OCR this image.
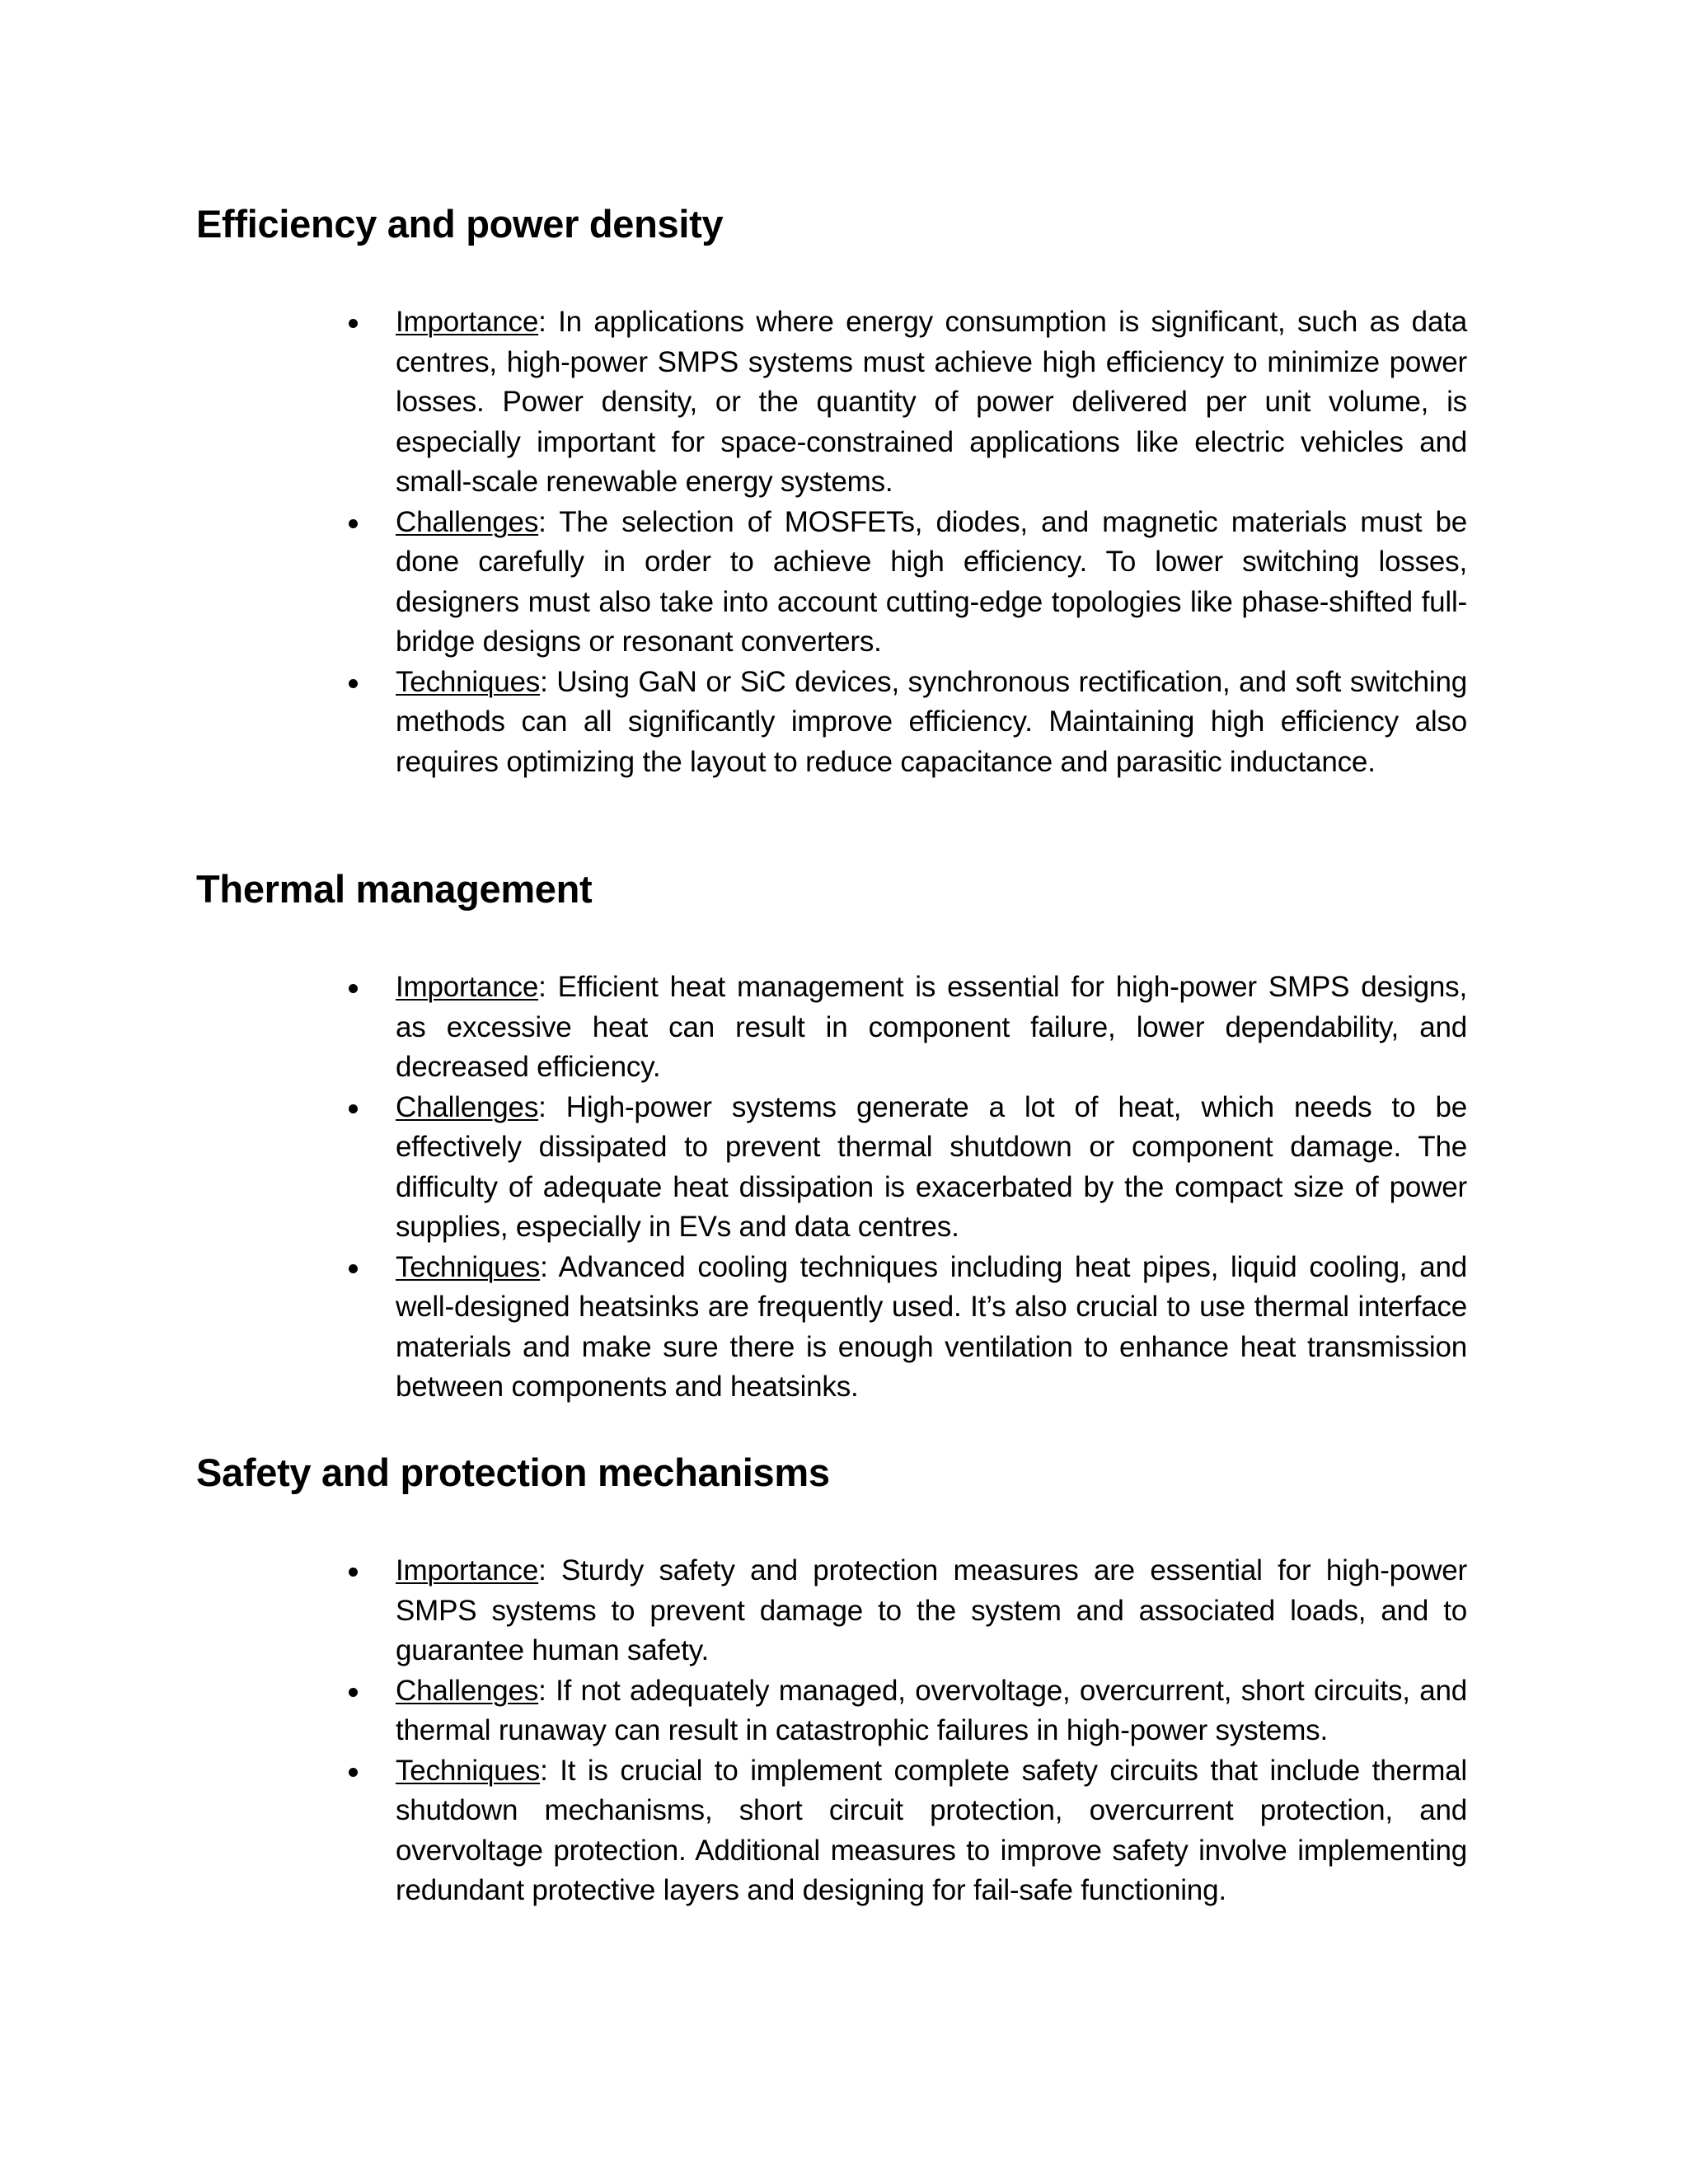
Efficiency and power density
Importance: In applications where energy consumption is significant, such as data centres, high-power SMPS systems must achieve high efficiency to minimize power losses. Power density, or the quantity of power delivered per unit volume, is especially important for space-constrained applications like electric vehicles and small-scale renewable energy systems.
Challenges: The selection of MOSFETs, diodes, and magnetic materials must be done carefully in order to achieve high efficiency. To lower switching losses, designers must also take into account cutting-edge topologies like phase-shifted full-bridge designs or resonant converters.
Techniques: Using GaN or SiC devices, synchronous rectification, and soft switching methods can all significantly improve efficiency. Maintaining high efficiency also requires optimizing the layout to reduce capacitance and parasitic inductance.
Thermal management
Importance: Efficient heat management is essential for high-power SMPS designs, as excessive heat can result in component failure, lower dependability, and decreased efficiency.
Challenges: High-power systems generate a lot of heat, which needs to be effectively dissipated to prevent thermal shutdown or component damage. The difficulty of adequate heat dissipation is exacerbated by the compact size of power supplies, especially in EVs and data centres.
Techniques: Advanced cooling techniques including heat pipes, liquid cooling, and well-designed heatsinks are frequently used. It’s also crucial to use thermal interface materials and make sure there is enough ventilation to enhance heat transmission between components and heatsinks.
Safety and protection mechanisms
Importance: Sturdy safety and protection measures are essential for high-power SMPS systems to prevent damage to the system and associated loads, and to guarantee human safety.
Challenges: If not adequately managed, overvoltage, overcurrent, short circuits, and thermal runaway can result in catastrophic failures in high-power systems.
Techniques: It is crucial to implement complete safety circuits that include thermal shutdown mechanisms, short circuit protection, overcurrent protection, and overvoltage protection. Additional measures to improve safety involve implementing redundant protective layers and designing for fail-safe functioning.
